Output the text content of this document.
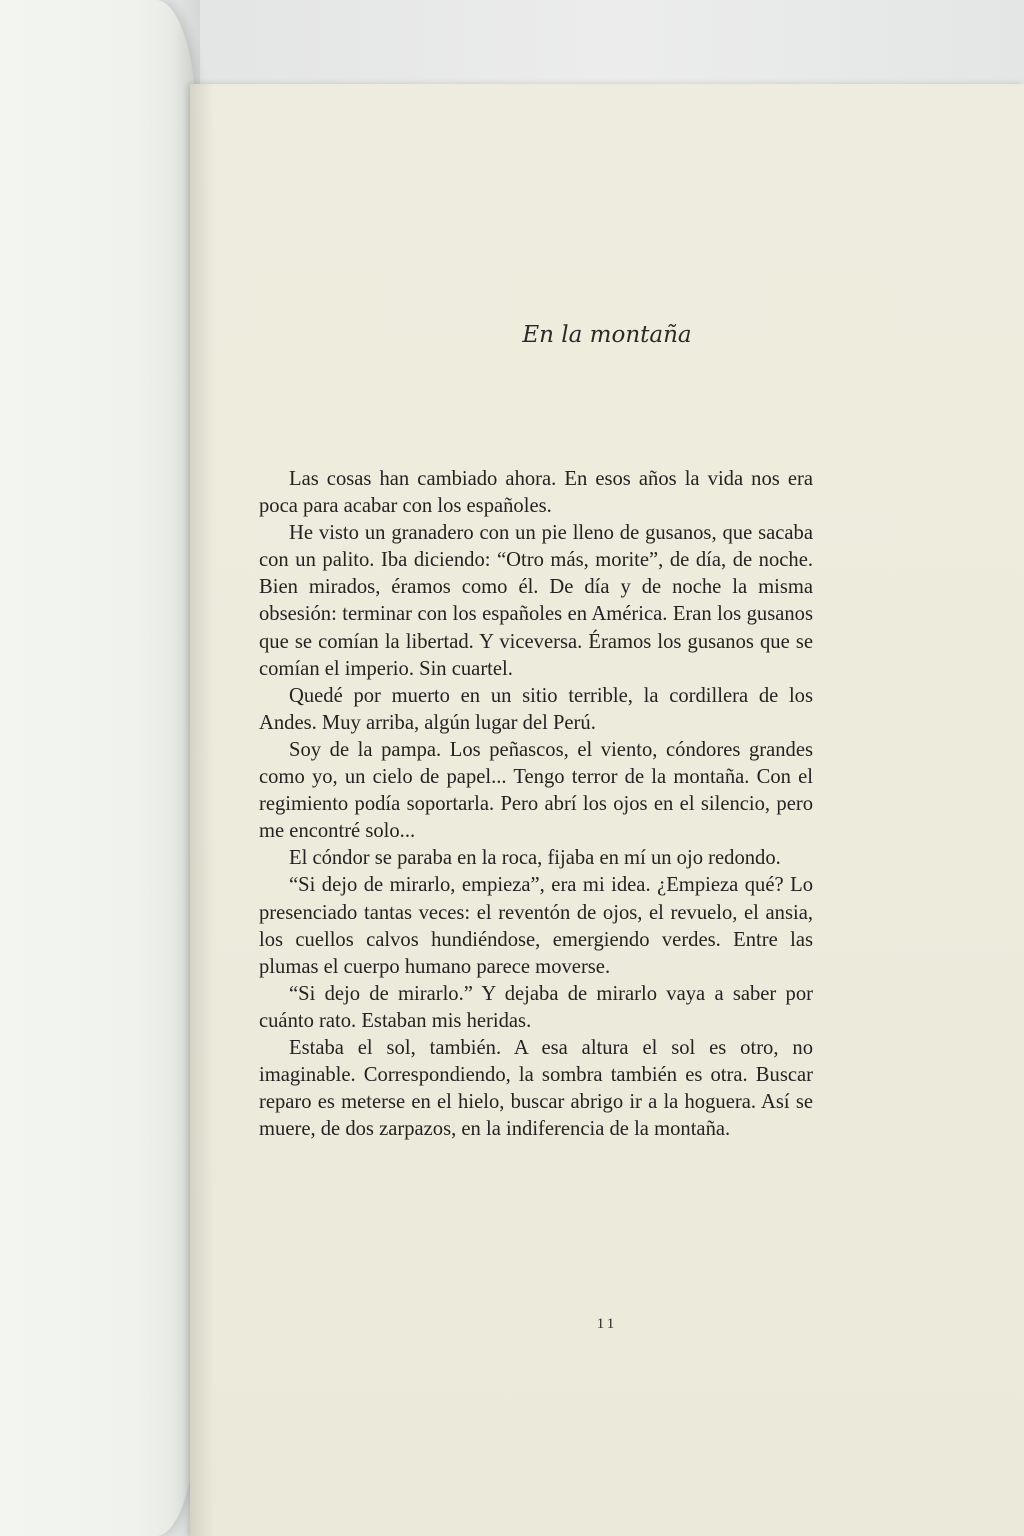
En la montaña

Las cosas han cambiado ahora. En esos años la vida nos era poca para acabar con los españoles.

He visto un granadero con un pie lleno de gusanos, que sacaba con un palito. Iba diciendo: “Otro más, morite”, de día, de noche. Bien mirados, éramos como él. De día y de noche la misma obsesión: terminar con los españoles en América. Eran los gusanos que se comían la libertad. Y viceversa. Éramos los gusanos que se comían el imperio. Sin cuartel.

Quedé por muerto en un sitio terrible, la cordillera de los Andes. Muy arriba, algún lugar del Perú.

Soy de la pampa. Los peñascos, el viento, cóndores grandes como yo, un cielo de papel... Tengo terror de la montaña. Con el regimiento podía soportarla. Pero abrí los ojos en el silencio, pero me encontré solo...

El cóndor se paraba en la roca, fijaba en mí un ojo redondo.

“Si dejo de mirarlo, empieza”, era mi idea. ¿Empieza qué? Lo presenciado tantas veces: el reventón de ojos, el revuelo, el ansia, los cuellos calvos hundiéndose, emergiendo verdes. Entre las plumas el cuerpo humano parece moverse.

“Si dejo de mirarlo.” Y dejaba de mirarlo vaya a saber por cuánto rato. Estaban mis heridas.

Estaba el sol, también. A esa altura el sol es otro, no imaginable. Correspondiendo, la sombra también es otra. Buscar reparo es meterse en el hielo, buscar abrigo ir a la hoguera. Así se muere, de dos zarpazos, en la indiferencia de la montaña.

11
